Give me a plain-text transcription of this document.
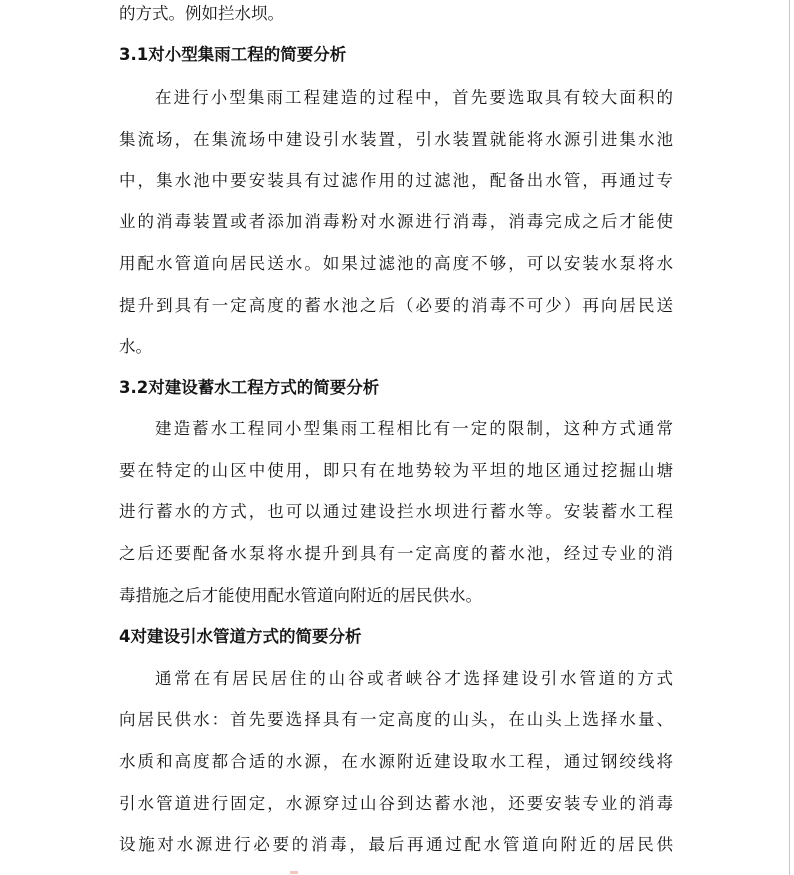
的方式。例如拦水坝。
3.1对小型集雨工程的简要分析
在进行小型集雨工程建造的过程中，首先要选取具有较大面积的
集流场，在集流场中建设引水装置，引水装置就能将水源引进集水池
中，集水池中要安装具有过滤作用的过滤池，配备出水管，再通过专
业的消毒装置或者添加消毒粉对水源进行消毒，消毒完成之后才能使
用配水管道向居民送水。如果过滤池的高度不够，可以安装水泵将水
提升到具有一定高度的蓄水池之后（必要的消毒不可少）再向居民送
水。
3.2对建设蓄水工程方式的简要分析
建造蓄水工程同小型集雨工程相比有一定的限制，这种方式通常
要在特定的山区中使用，即只有在地势较为平坦的地区通过挖掘山塘
进行蓄水的方式，也可以通过建设拦水坝进行蓄水等。安装蓄水工程
之后还要配备水泵将水提升到具有一定高度的蓄水池，经过专业的消
毒措施之后才能使用配水管道向附近的居民供水。
4对建设引水管道方式的简要分析
通常在有居民居住的山谷或者峡谷才选择建设引水管道的方式
向居民供水：首先要选择具有一定高度的山头，在山头上选择水量、
水质和高度都合适的水源，在水源附近建设取水工程，通过钢绞线将
引水管道进行固定，水源穿过山谷到达蓄水池，还要安装专业的消毒
设施对水源进行必要的消毒，最后再通过配水管道向附近的居民供
